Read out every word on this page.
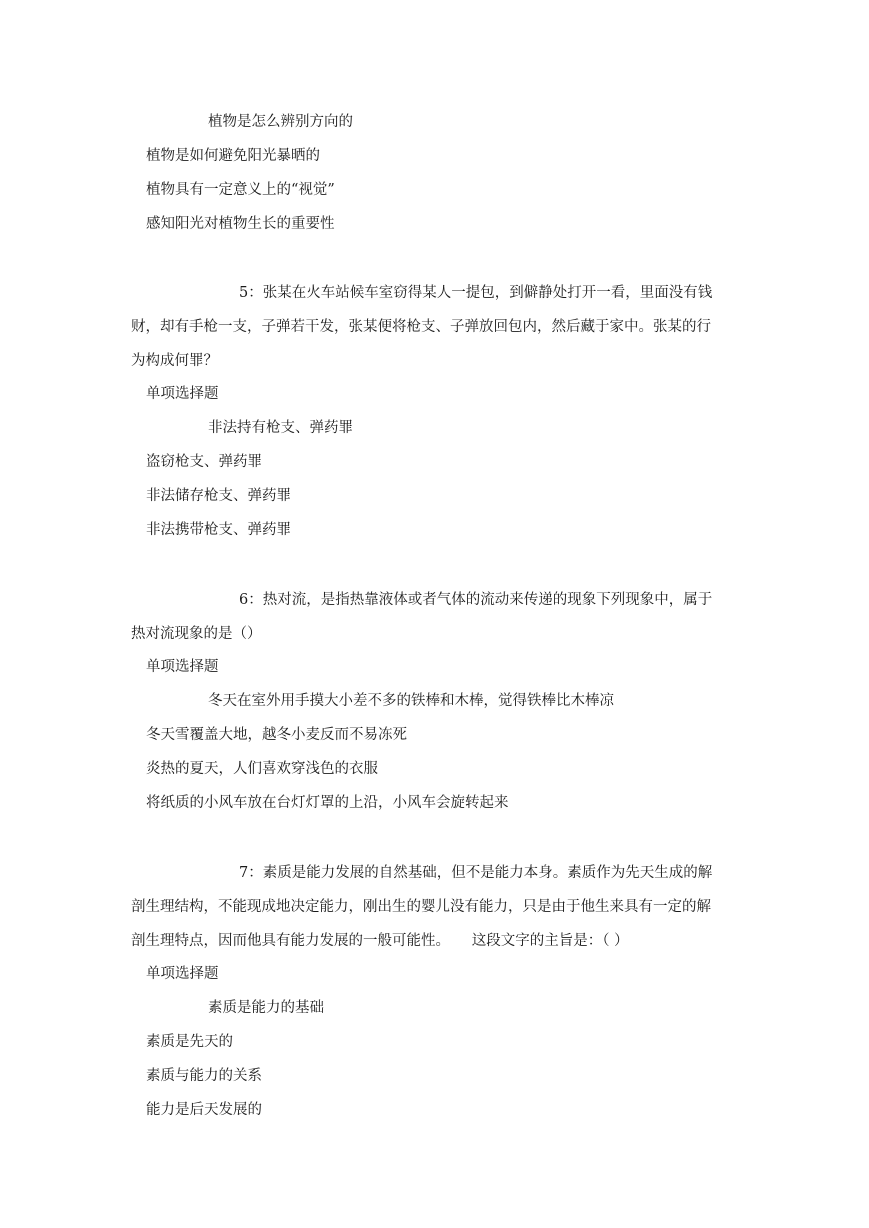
植物是怎么辨别方向的
植物是如何避免阳光暴晒的
植物具有一定意义上的“视觉”
感知阳光对植物生长的重要性
5：张某在火车站候车室窃得某人一提包，到僻静处打开一看，里面没有钱
财，却有手枪一支，子弹若干发，张某便将枪支、子弹放回包内，然后藏于家中。张某的行
为构成何罪？
单项选择题
非法持有枪支、弹药罪
盗窃枪支、弹药罪
非法储存枪支、弹药罪
非法携带枪支、弹药罪
6：热对流，是指热靠液体或者气体的流动来传递的现象下列现象中，属于
热对流现象的是（）
单项选择题
冬天在室外用手摸大小差不多的铁棒和木棒，觉得铁棒比木棒凉
冬天雪覆盖大地，越冬小麦反而不易冻死
炎热的夏天，人们喜欢穿浅色的衣服
将纸质的小风车放在台灯灯罩的上沿，小风车会旋转起来
7：素质是能力发展的自然基础，但不是能力本身。素质作为先天生成的解
剖生理结构，不能现成地决定能力，刚出生的婴儿没有能力，只是由于他生来具有一定的解
剖生理特点，因而他具有能力发展的一般可能性。　　这段文字的主旨是：（ ）
单项选择题
素质是能力的基础
素质是先天的
素质与能力的关系
能力是后天发展的
